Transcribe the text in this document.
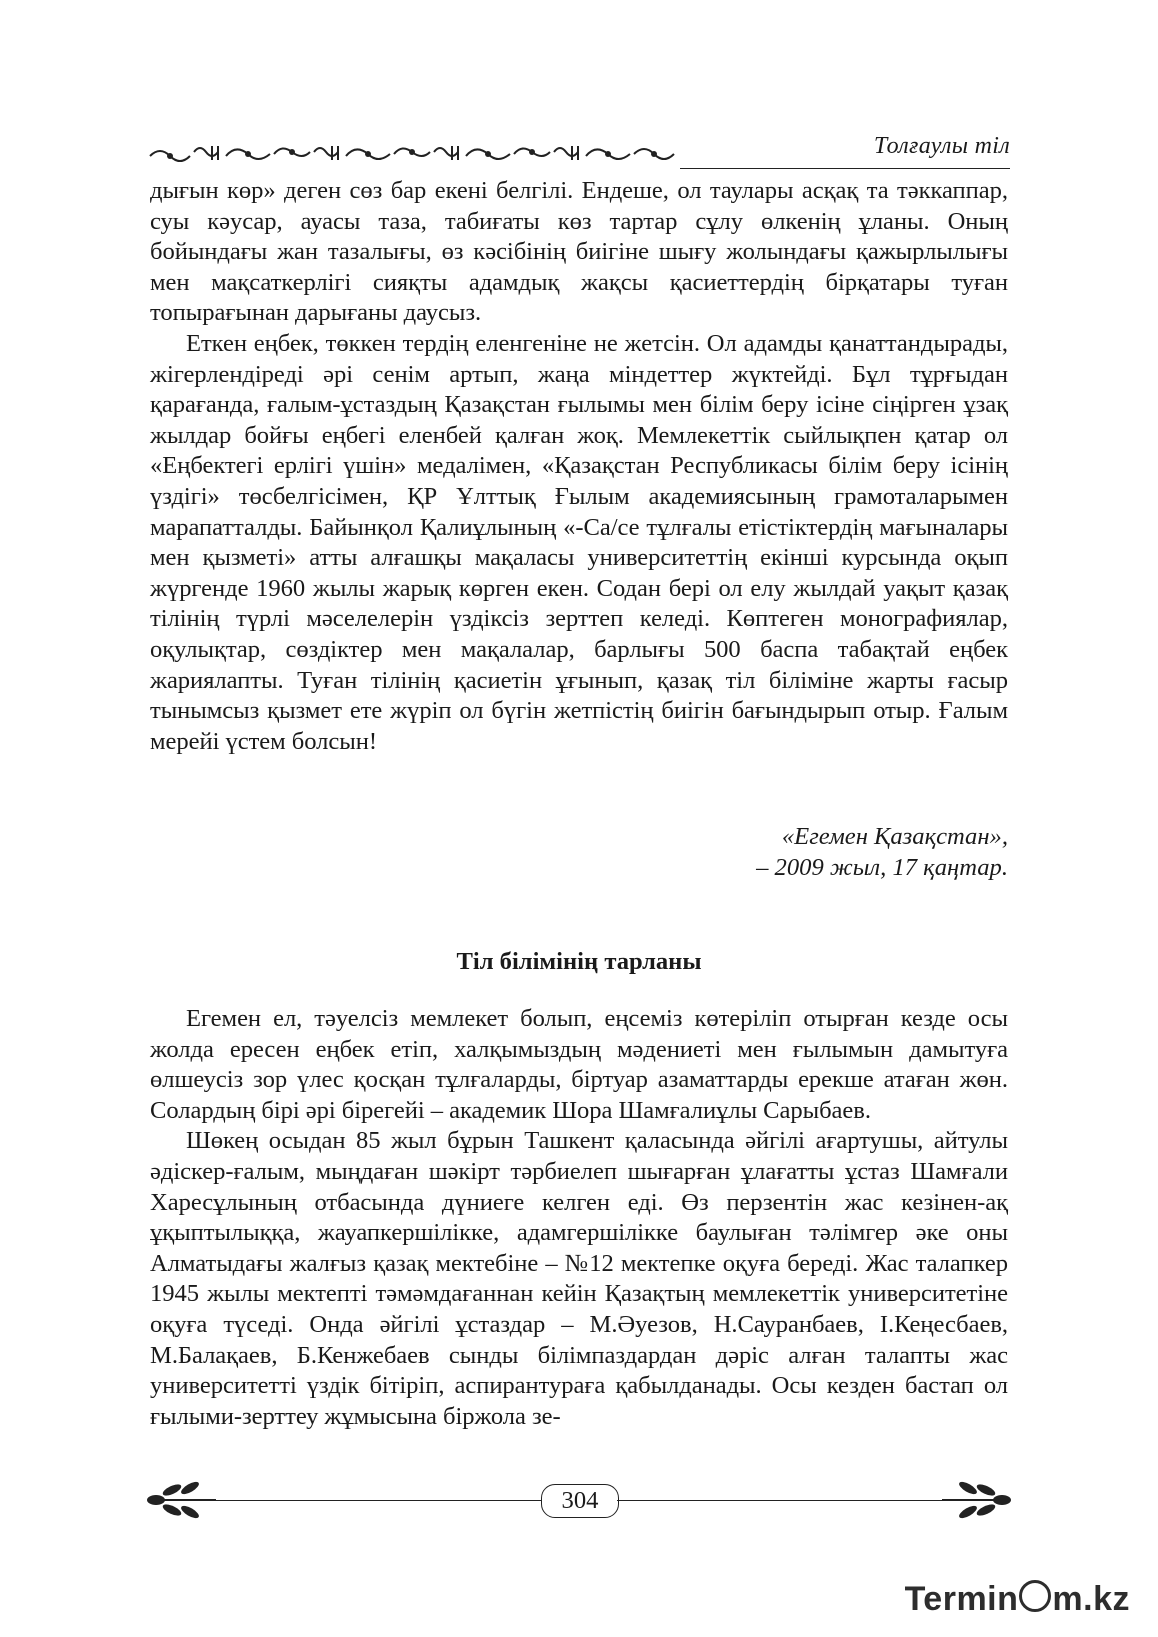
Толғаулы тіл

дығын көр» деген сөз бар екені белгілі. Ендеше, ол таулары асқақ та тәккаппар, суы кәусар, ауасы таза, табиғаты көз тартар сұлу өлкенің ұланы. Оның бойындағы жан тазалығы, өз кәсібінің биігіне шығу жолындағы қажырлылығы мен мақсаткерлігі сияқты адамдық жақсы қасиеттердің бірқатары туған топырағынан дарығаны даусыз.

Еткен еңбек, төккен тердің еленгеніне не жетсін. Ол адамды қанаттандырады, жігерлендіреді әрі сенім артып, жаңа міндеттер жүктейді. Бұл тұрғыдан қарағанда, ғалым-ұстаздың Қазақстан ғылымы мен білім беру ісіне сіңірген ұзақ жылдар бойғы еңбегі еленбей қалған жоқ. Мемлекеттік сыйлықпен қатар ол «Еңбектегі ерлігі үшін» медалімен, «Қазақстан Республикасы білім беру ісінің үздігі» төсбелгісімен, ҚР Ұлттық Ғылым академиясының грамоталарымен марапатталды. Байынқол Қалиұлының «-Са/се тұлғалы етістіктердің мағыналары мен қызметі» атты алғашқы мақаласы университеттің екінші курсында оқып жүргенде 1960 жылы жарық көрген екен. Содан бері ол елу жылдай уақыт қазақ тілінің түрлі мәселелерін үздіксіз зерттеп келеді. Көптеген монографиялар, оқулықтар, сөздіктер мен мақалалар, барлығы 500 баспа табақтай еңбек жариялапты. Туған тілінің қасиетін ұғынып, қазақ тіл біліміне жарты ғасыр тынымсыз қызмет ете жүріп ол бүгін жетпістің биігін бағындырып отыр. Ғалым мерейі үстем болсын!

«Егемен Қазақстан»,
– 2009 жыл, 17 қаңтар.
Тіл білімінің тарланы

Егемен ел, тәуелсіз мемлекет болып, еңсеміз көтеріліп отырған кезде осы жолда ересен еңбек етіп, халқымыздың мәдениеті мен ғылымын дамытуға өлшеусіз зор үлес қосқан тұлғаларды, біртуар азаматтарды ерекше атаған жөн. Солардың бірі әрі бірегейі – академик Шора Шамғалиұлы Сарыбаев.

Шөкең осыдан 85 жыл бұрын Ташкент қаласында әйгілі ағартушы, айтулы әдіскер-ғалым, мыңдаған шәкірт тәрбиелеп шығарған ұлағатты ұстаз Шамғали Харесұлының отбасында дүниеге келген еді. Өз перзентін жас кезінен-ақ ұқыптылыққа, жауапкершілікке, адамгершілікке баулыған тәлімгер әке оны Алматыдағы жалғыз қазақ мектебіне – №12 мектепке оқуға береді. Жас талапкер 1945 жылы мектепті тәмәмдағаннан кейін Қазақтың мемлекеттік университетіне оқуға түседі. Онда әйгілі ұстаздар – М.Әуезов, Н.Сауранбаев, І.Кеңесбаев, М.Балақаев, Б.Кенжебаев сынды білімпаздардан дәріс алған талапты жас университетті үздік бітіріп, аспирантураға қабылданады. Осы кезден бастап ол ғылыми-зерттеу жұмысына біржола зе-

304
Termin m.kz
